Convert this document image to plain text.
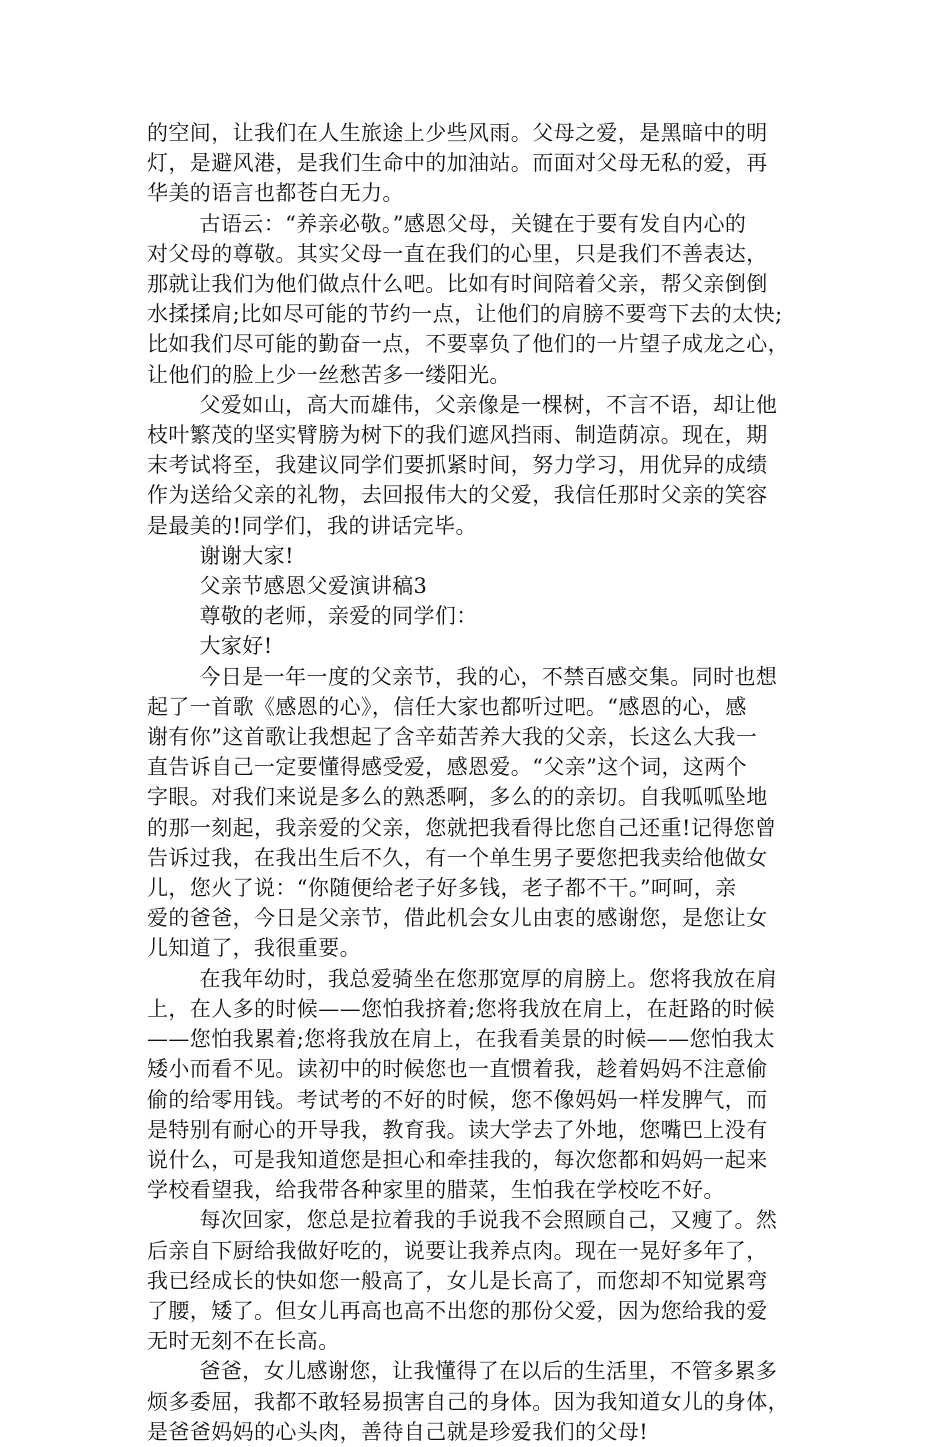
的空间，让我们在人生旅途上少些风雨。父母之爱，是黑暗中的明
灯，是避风港，是我们生命中的加油站。而面对父母无私的爱，再
华美的语言也都苍白无力。
古语云：“养亲必敬。”感恩父母，关键在于要有发自内心的
对父母的尊敬。其实父母一直在我们的心里，只是我们不善表达，
那就让我们为他们做点什么吧。比如有时间陪着父亲，帮父亲倒倒
水揉揉肩;比如尽可能的节约一点，让他们的肩膀不要弯下去的太快;
比如我们尽可能的勤奋一点，不要辜负了他们的一片望子成龙之心，
让他们的脸上少一丝愁苦多一缕阳光。
父爱如山，高大而雄伟，父亲像是一棵树，不言不语，却让他
枝叶繁茂的坚实臂膀为树下的我们遮风挡雨、制造荫凉。现在，期
末考试将至，我建议同学们要抓紧时间，努力学习，用优异的成绩
作为送给父亲的礼物，去回报伟大的父爱，我信任那时父亲的笑容
是最美的!同学们，我的讲话完毕。
谢谢大家!
父亲节感恩父爱演讲稿3
尊敬的老师，亲爱的同学们：
大家好!
今日是一年一度的父亲节，我的心，不禁百感交集。同时也想
起了一首歌《感恩的心》，信任大家也都听过吧。“感恩的心，感
谢有你”这首歌让我想起了含辛茹苦养大我的父亲，长这么大我一
直告诉自己一定要懂得感受爱，感恩爱。“父亲”这个词，这两个
字眼。对我们来说是多么的熟悉啊，多么的的亲切。自我呱呱坠地
的那一刻起，我亲爱的父亲，您就把我看得比您自己还重!记得您曾
告诉过我，在我出生后不久，有一个单生男子要您把我卖给他做女
儿，您火了说：“你随便给老子好多钱，老子都不干。”呵呵，亲
爱的爸爸，今日是父亲节，借此机会女儿由衷的感谢您，是您让女
儿知道了，我很重要。
在我年幼时，我总爱骑坐在您那宽厚的肩膀上。您将我放在肩
上，在人多的时候——您怕我挤着;您将我放在肩上，在赶路的时候
——您怕我累着;您将我放在肩上，在我看美景的时候——您怕我太
矮小而看不见。读初中的时候您也一直惯着我，趁着妈妈不注意偷
偷的给零用钱。考试考的不好的时候，您不像妈妈一样发脾气，而
是特别有耐心的开导我，教育我。读大学去了外地，您嘴巴上没有
说什么，可是我知道您是担心和牵挂我的，每次您都和妈妈一起来
学校看望我，给我带各种家里的腊菜，生怕我在学校吃不好。
每次回家，您总是拉着我的手说我不会照顾自己，又瘦了。然
后亲自下厨给我做好吃的，说要让我养点肉。现在一晃好多年了，
我已经成长的快如您一般高了，女儿是长高了，而您却不知觉累弯
了腰，矮了。但女儿再高也高不出您的那份父爱，因为您给我的爱
无时无刻不在长高。
爸爸，女儿感谢您，让我懂得了在以后的生活里，不管多累多
烦多委屈，我都不敢轻易损害自己的身体。因为我知道女儿的身体，
是爸爸妈妈的心头肉，善待自己就是珍爱我们的父母!
